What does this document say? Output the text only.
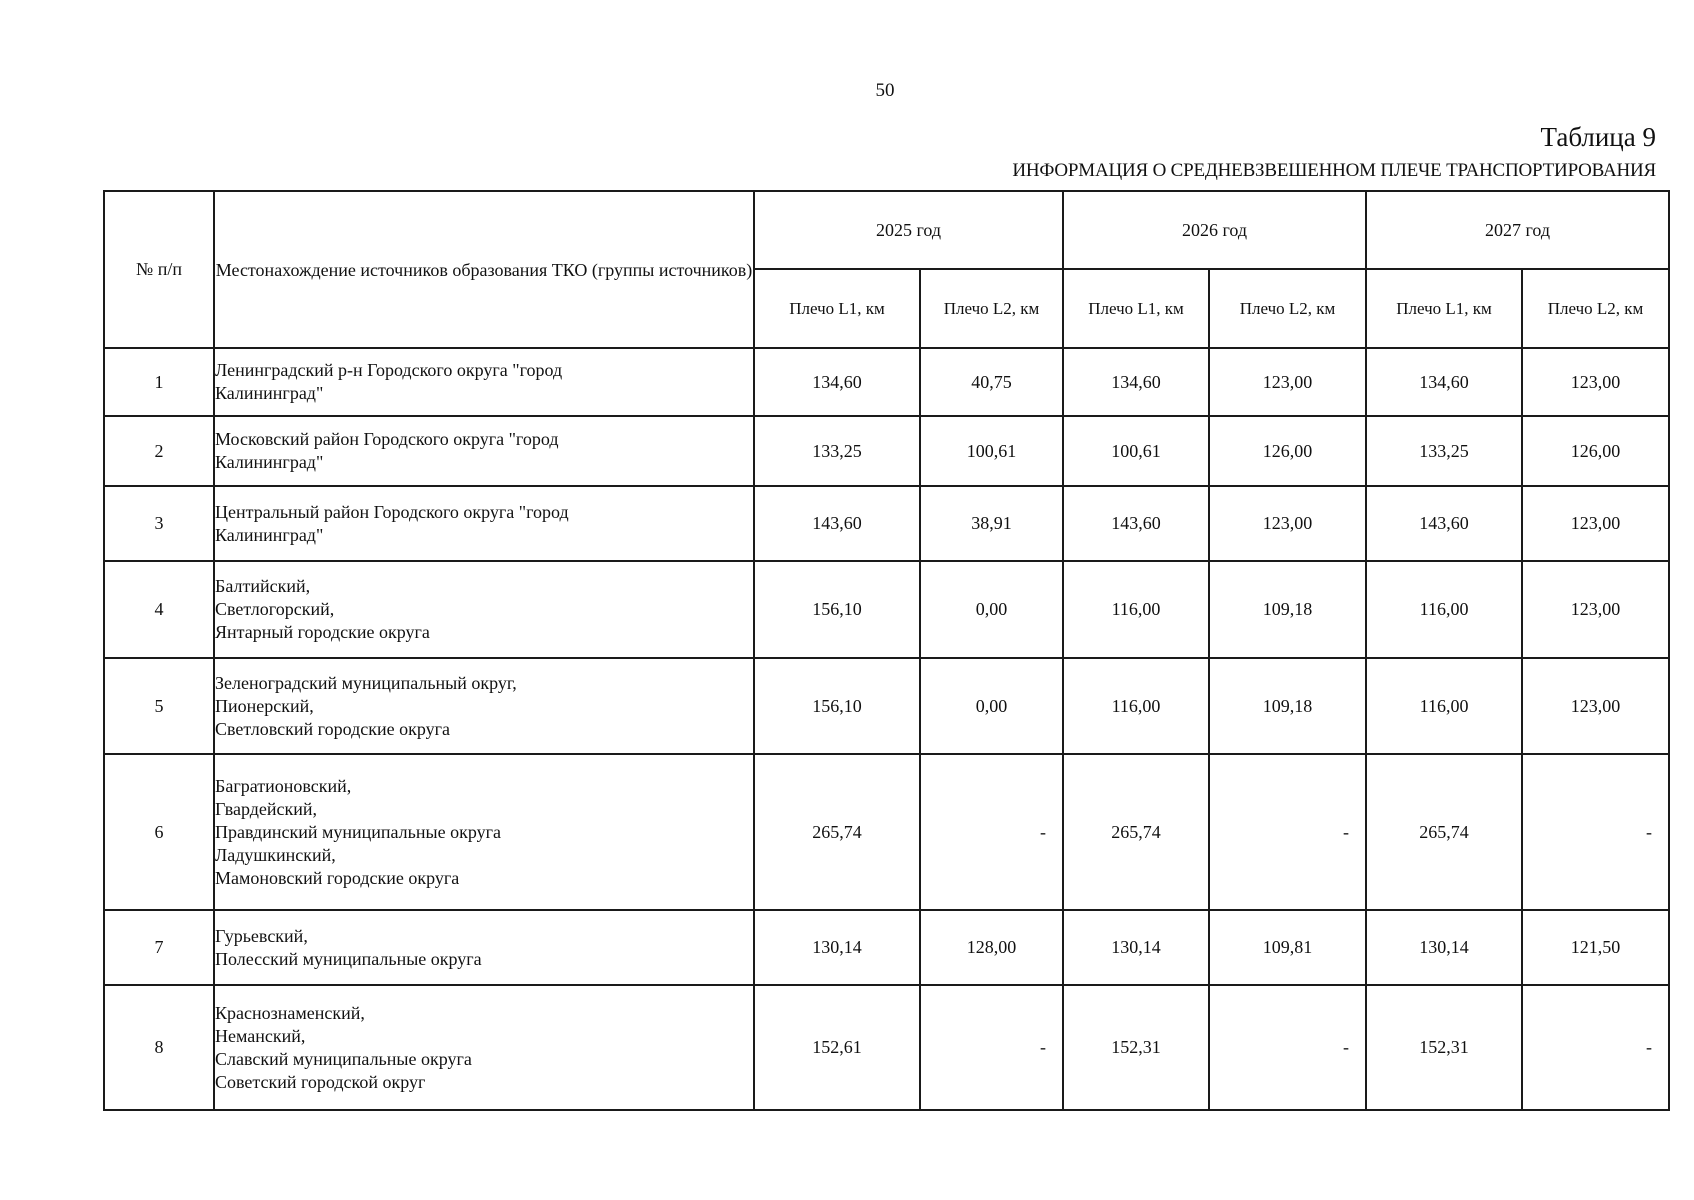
50
Таблица 9
ИНФОРМАЦИЯ О СРЕДНЕВЗВЕШЕННОМ ПЛЕЧЕ ТРАНСПОРТИРОВАНИЯ
№ п/п	Местонахождение источников образования ТКО (группы источников)	2025 год		2026 год		2027 год	
		Плечо L1, км	Плечо L2, км	Плечо L1, км	Плечо L2, км	Плечо L1, км	Плечо L2, км
1	Ленинградский р-н Городского округа "город
Калининград"	134,60	40,75	134,60	123,00	134,60	123,00
2	Московский район Городского округа "город
Калининград"	133,25	100,61	100,61	126,00	133,25	126,00
3	Центральный район Городского округа "город
Калининград"	143,60	38,91	143,60	123,00	143,60	123,00
4	Балтийский,
Светлогорский,
Янтарный городские округа	156,10	0,00	116,00	109,18	116,00	123,00
5	Зеленоградский муниципальный округ,
Пионерский,
Светловский городские округа	156,10	0,00	116,00	109,18	116,00	123,00
6	Багратионовский,
Гвардейский,
Правдинский муниципальные округа
Ладушкинский,
Мамоновский городские округа	265,74	-	265,74	-	265,74	-
7	Гурьевский,
Полесский муниципальные округа	130,14	128,00	130,14	109,81	130,14	121,50
8	Краснознаменский,
Неманский,
Славский муниципальные округа
Советский городской округ	152,61	-	152,31	-	152,31	-
